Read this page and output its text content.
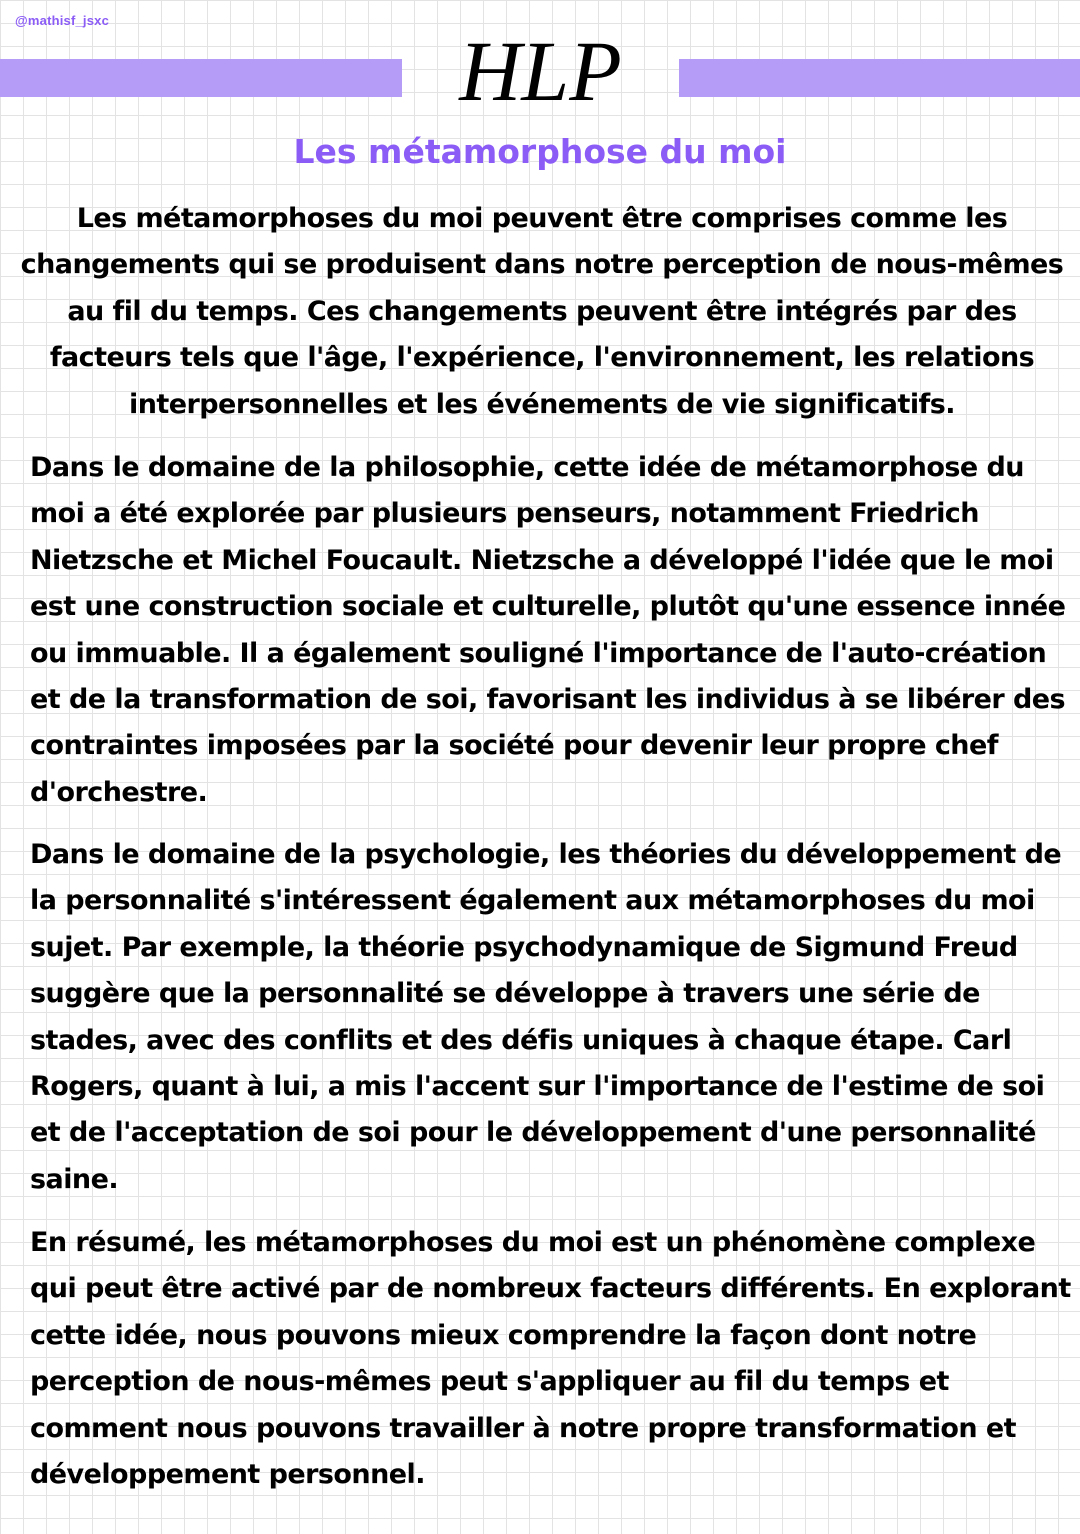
@mathisf_jsxc
HLP
Les métamorphose du moi

Les métamorphoses du moi peuvent être comprises comme les changements qui se produisent dans notre perception de nous-mêmes au fil du temps. Ces changements peuvent être intégrés par des facteurs tels que l'âge, l'expérience, l'environnement, les relations interpersonnelles et les événements de vie significatifs.

Dans le domaine de la philosophie, cette idée de métamorphose du moi a été explorée par plusieurs penseurs, notamment Friedrich Nietzsche et Michel Foucault. Nietzsche a développé l'idée que le moi est une construction sociale et culturelle, plutôt qu'une essence innée ou immuable. Il a également souligné l'importance de l'auto-création et de la transformation de soi, favorisant les individus à se libérer des contraintes imposées par la société pour devenir leur propre chef d'orchestre.

Dans le domaine de la psychologie, les théories du développement de la personnalité s'intéressent également aux métamorphoses du moi sujet. Par exemple, la théorie psychodynamique de Sigmund Freud suggère que la personnalité se développe à travers une série de stades, avec des conflits et des défis uniques à chaque étape. Carl Rogers, quant à lui, a mis l'accent sur l'importance de l'estime de soi et de l'acceptation de soi pour le développement d'une personnalité saine.

En résumé, les métamorphoses du moi est un phénomène complexe qui peut être activé par de nombreux facteurs différents. En explorant cette idée, nous pouvons mieux comprendre la façon dont notre perception de nous-mêmes peut s'appliquer au fil du temps et comment nous pouvons travailler à notre propre transformation et développement personnel.
